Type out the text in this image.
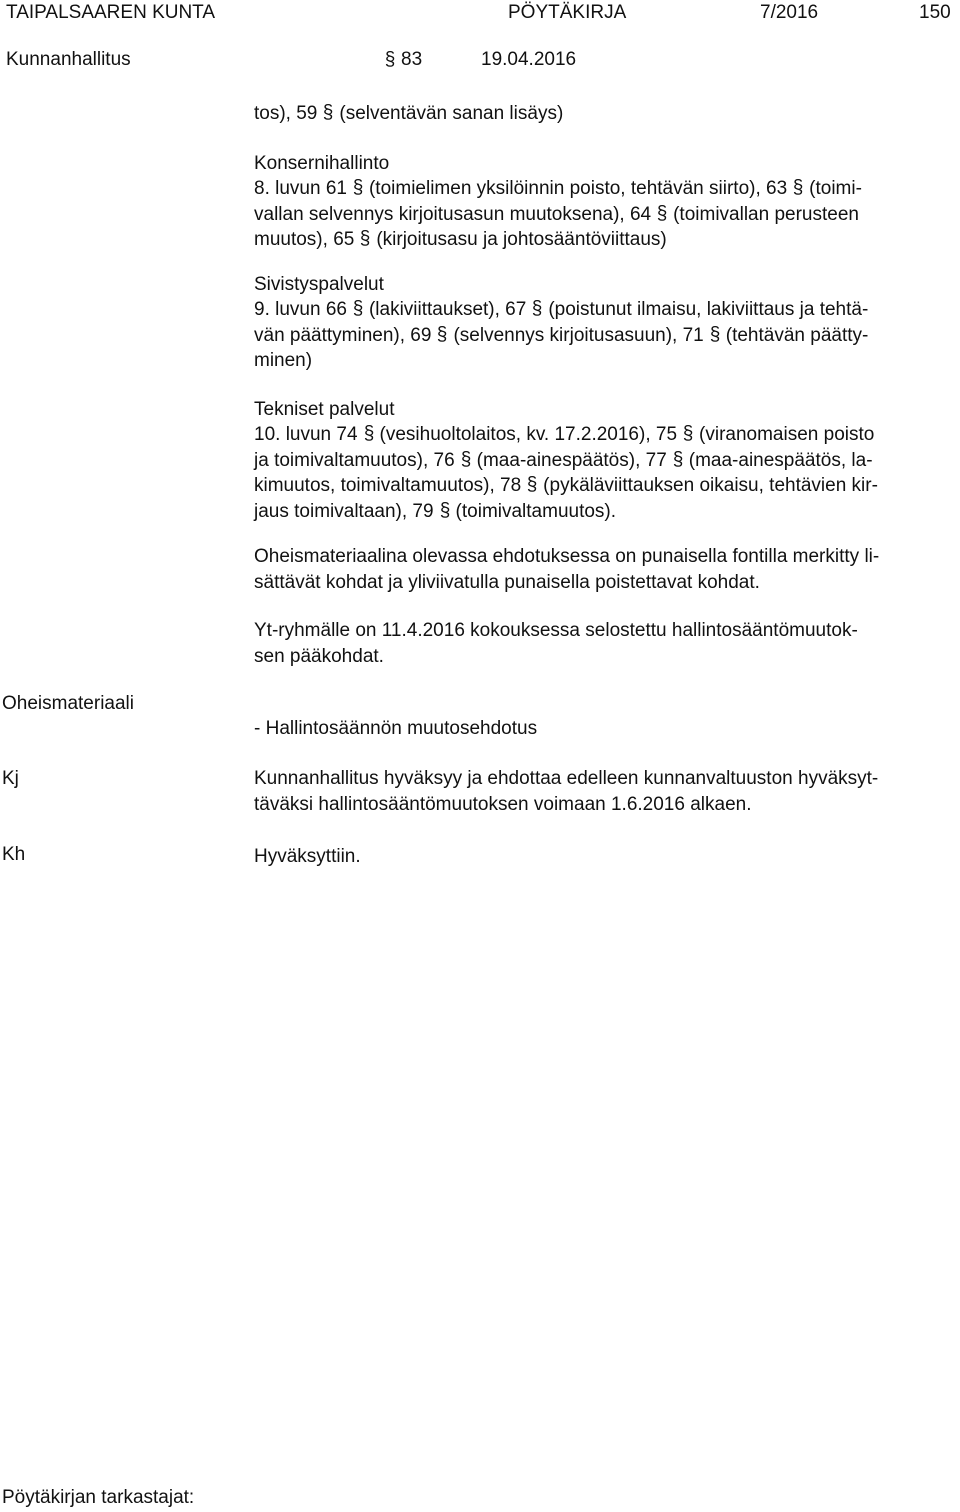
TAIPALSAAREN KUNTA	PÖYTÄKIRJA	7/2016	150
Kunnanhallitus	83	19.04.2016
tos), 59 (selventävän sanan lisäys)
Konsernihallinto
8. luvun 61 (toimielimen yksilöinnin poisto, tehtävän siirto), 63 (toimi-
vallan selvennys kirjoitusasun muutoksena), 64 (toimivallan perusteen
muutos), 65 (kirjoitusasu ja johtosääntöviittaus)
Sivistyspalvelut
9. luvun 66 (lakiviittaukset), 67 (poistunut ilmaisu, lakiviittaus ja tehtä-
vän päättyminen), 69 (selvennys kirjoitusasuun), 71 (tehtävän päätty-
minen)
Tekniset palvelut
10. luvun 74 (vesihuoltolaitos, kv. 17.2.2016), 75 (viranomaisen poisto
ja toimivaltamuutos), 76 (maa-ainespäätös), 77 (maa-ainespäätös, la-
kimuutos, toimivaltamuutos), 78 (pykäläviittauksen oikaisu, tehtävien kir-
jaus toimivaltaan), 79 (toimivaltamuutos).
Oheismateriaalina olevassa ehdotuksessa on punaisella fontilla merkitty li-
sättävät kohdat ja yliviivatulla punaisella poistettavat kohdat.
Yt-ryhmälle on 11.4.2016 kokouksessa selostettu hallintosääntömuutok-
sen pääkohdat.
Oheismateriaali
- Hallintosäännön muutosehdotus
Kj	Kunnanhallitus hyväksyy ja ehdottaa edelleen kunnanvaltuuston hyväksyt-
täväksi hallintosääntömuutoksen voimaan 1.6.2016 alkaen.
Kh	Hyväksyttiin.
Pöytäkirjan tarkastajat:
